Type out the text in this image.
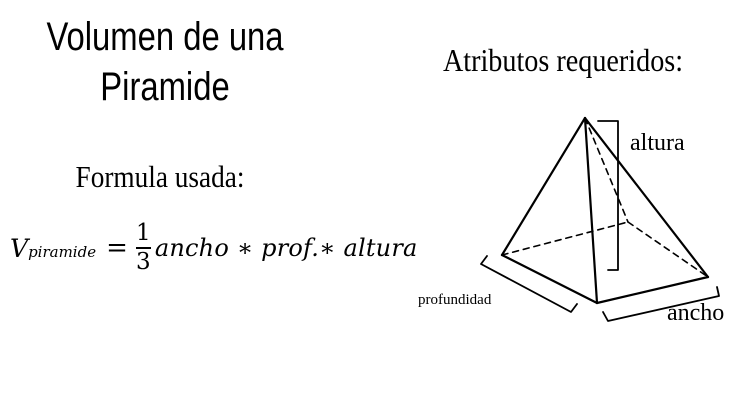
Volumen de una
Piramide
Atributos requeridos:
Formula usada:
$V_{piramide} = \frac{1}{3}$ ancho ∗ prof.∗ altura
altura
profundidad	ancho
